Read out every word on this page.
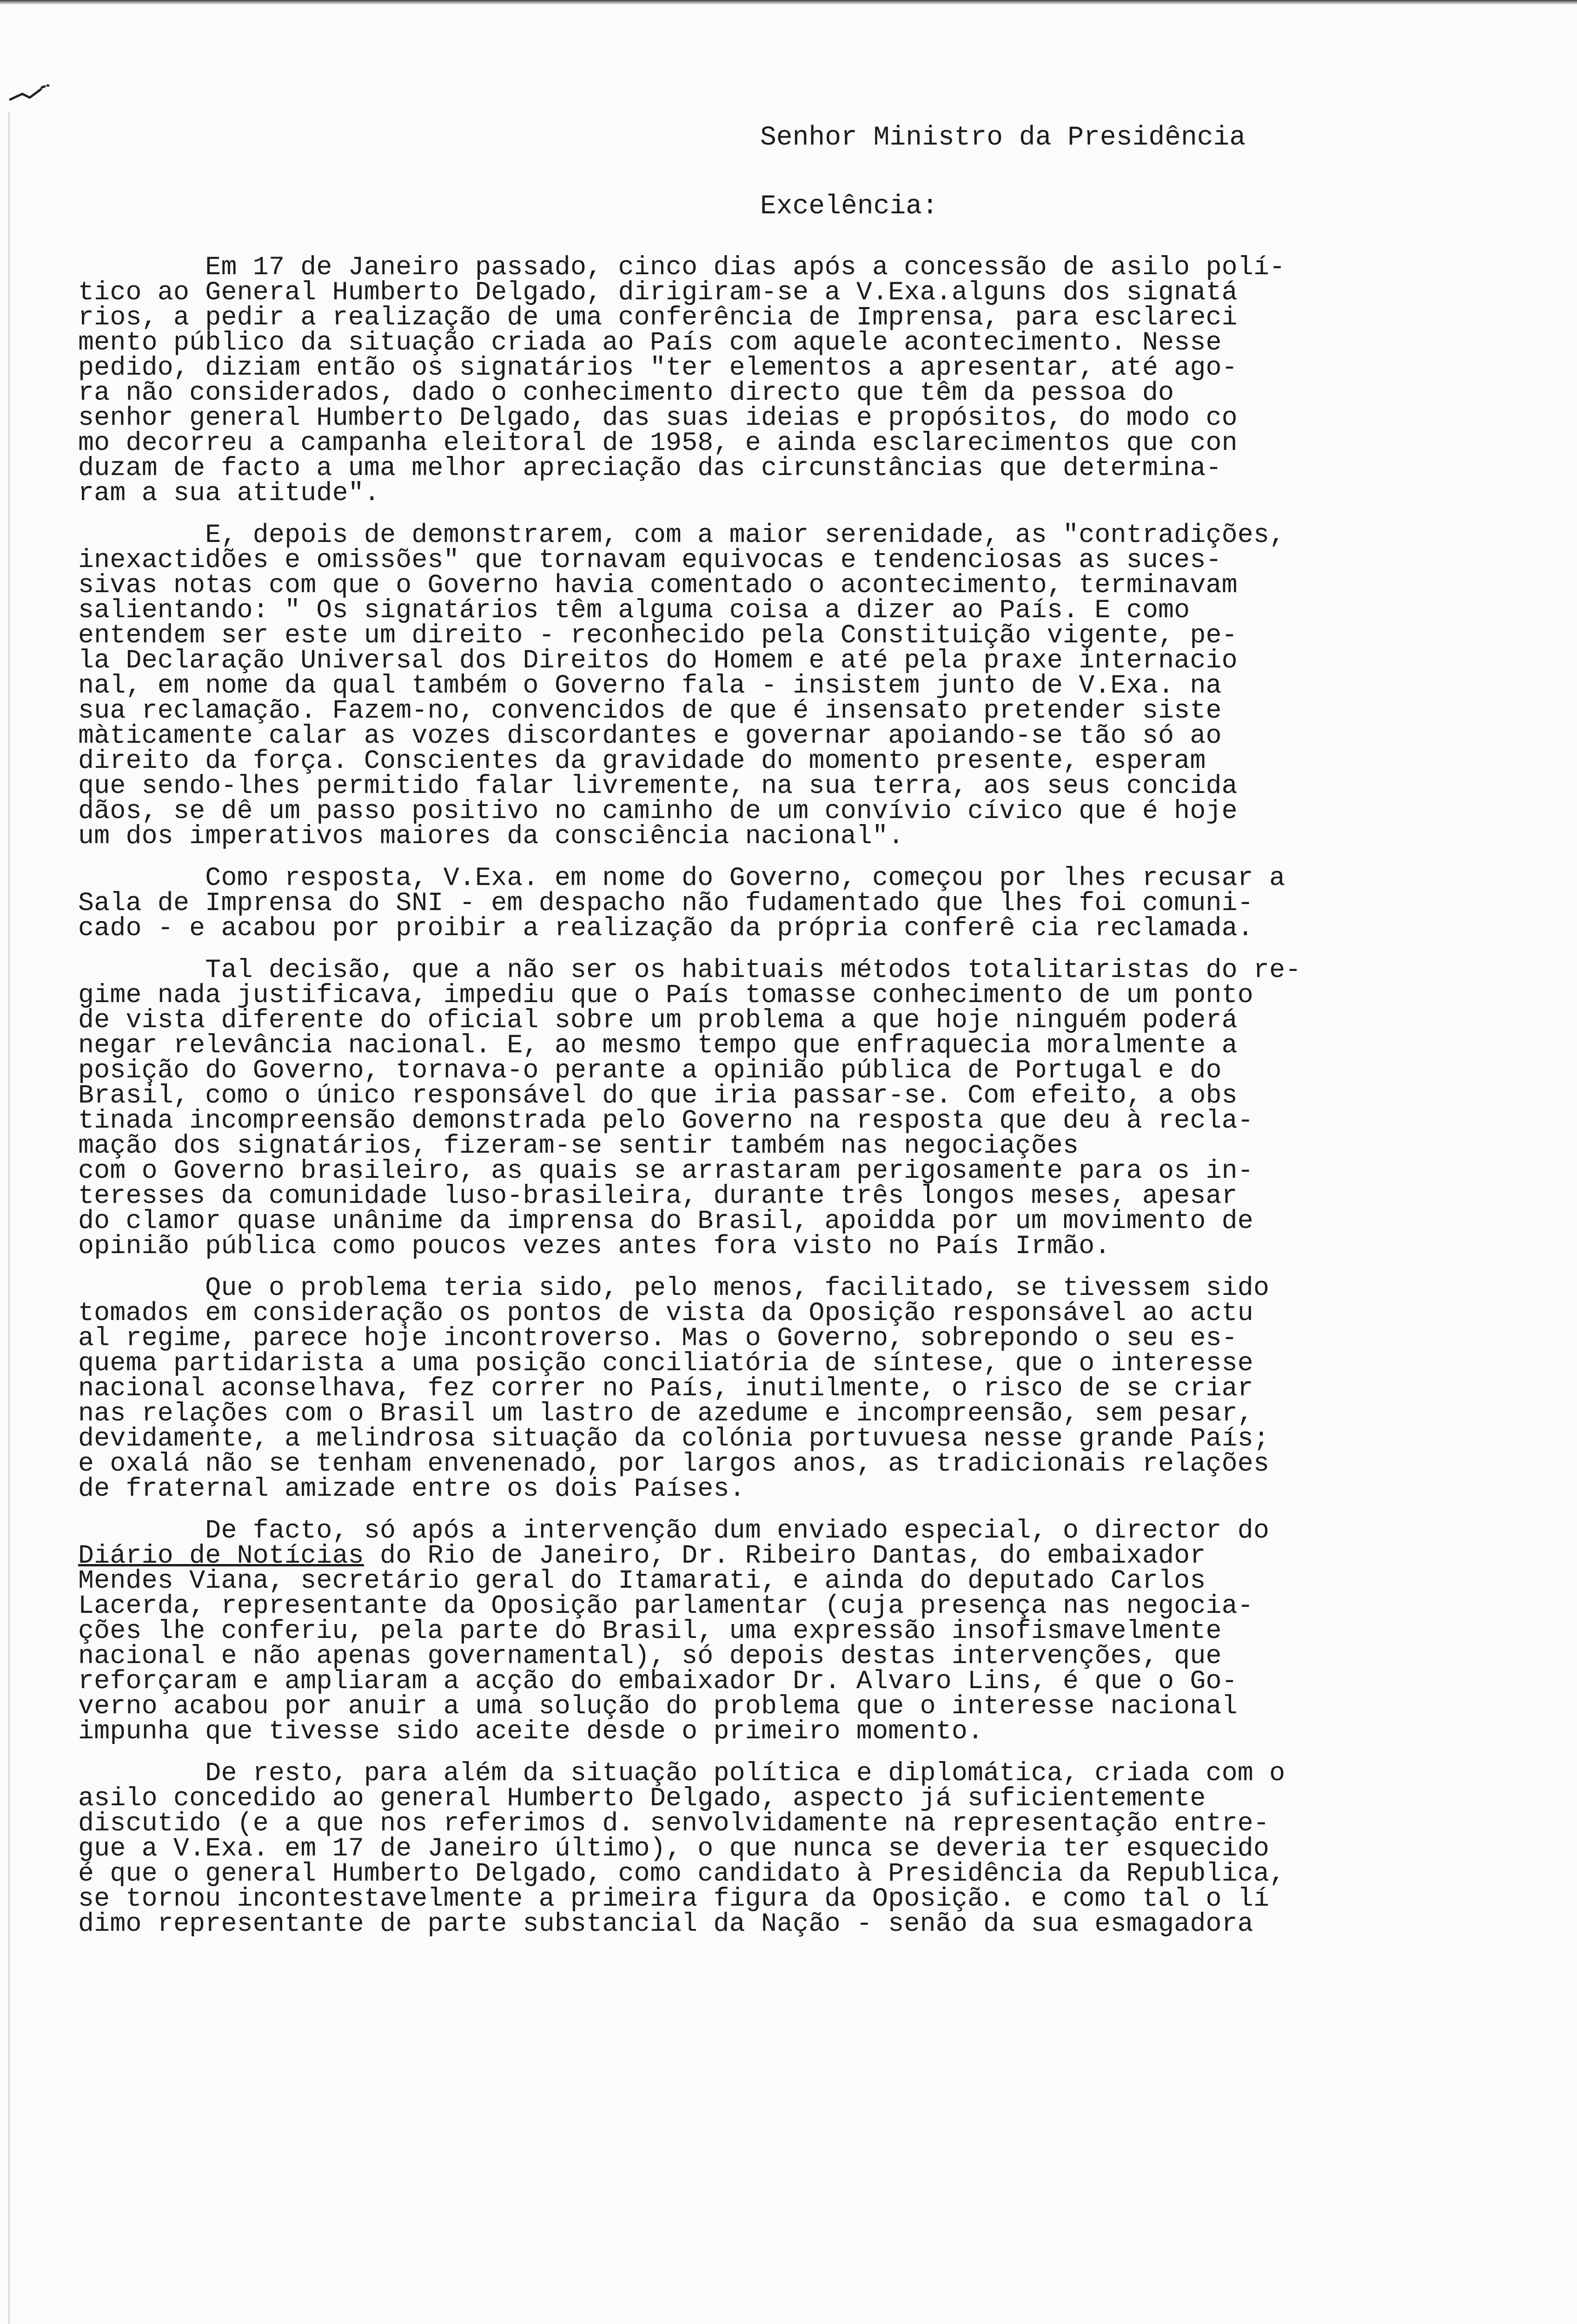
Senhor Ministro da Presidência

Excelência:

Em 17 de Janeiro passado, cinco dias após a concessão de asilo polí-
tico ao General Humberto Delgado, dirigiram-se a V.Exa.alguns dos signatá
rios, a pedir a realização de uma conferência de Imprensa, para esclareci
mento público da situação criada ao País com aquele acontecimento. Nesse
pedido, diziam então os signatários "ter elementos a apresentar, até ago-
ra não considerados, dado o conhecimento directo que têm da pessoa do
senhor general Humberto Delgado, das suas ideias e propósitos, do modo co
mo decorreu a campanha eleitoral de 1958, e ainda esclarecimentos que con
duzam de facto a uma melhor apreciação das circunstâncias que determina-
ram a sua atitude".
E, depois de demonstrarem, com a maior serenidade, as "contradições,
inexactidões e omissões" que tornavam equivocas e tendenciosas as suces-
sivas notas com que o Governo havia comentado o acontecimento, terminavam
salientando: " Os signatários têm alguma coisa a dizer ao País. E como
entendem ser este um direito - reconhecido pela Constituição vigente, pe-
la Declaração Universal dos Direitos do Homem e até pela praxe internacio
nal, em nome da qual também o Governo fala - insistem junto de V.Exa. na
sua reclamação. Fazem-no, convencidos de que é insensato pretender siste
màticamente calar as vozes discordantes e governar apoiando-se tão só ao
direito da força. Conscientes da gravidade do momento presente, esperam
que sendo-lhes permitido falar livremente, na sua terra, aos seus concida
dãos, se dê um passo positivo no caminho de um convívio cívico que é hoje
um dos imperativos maiores da consciência nacional".
Como resposta, V.Exa. em nome do Governo, começou por lhes recusar a
Sala de Imprensa do SNI - em despacho não fudamentado que lhes foi comuni-
cado - e acabou por proibir a realização da própria conferê cia reclamada.
Tal decisão, que a não ser os habituais métodos totalitaristas do re-
gime nada justificava, impediu que o País tomasse conhecimento de um ponto
de vista diferente do oficial sobre um problema a que hoje ninguém poderá
negar relevância nacional. E, ao mesmo tempo que enfraquecia moralmente a
posição do Governo, tornava-o perante a opinião pública de Portugal e do
Brasil, como o único responsável do que iria passar-se. Com efeito, a obs
tinada incompreensão demonstrada pelo Governo na resposta que deu à recla-
mação dos signatários, fizeram-se sentir também nas negociações
com o Governo brasileiro, as quais se arrastaram perigosamente para os in-
teresses da comunidade luso-brasileira, durante três longos meses, apesar
do clamor quase unânime da imprensa do Brasil, apoidda por um movimento de
opinião pública como poucos vezes antes fora visto no País Irmão.
Que o problema teria sido, pelo menos, facilitado, se tivessem sido
tomados em consideração os pontos de vista da Oposição responsável ao actu
al regime, parece hoje incontroverso. Mas o Governo, sobrepondo o seu es-
quema partidarista a uma posição conciliatória de síntese, que o interesse
nacional aconselhava, fez correr no País, inutilmente, o risco de se criar
nas relações com o Brasil um lastro de azedume e incompreensão, sem pesar,
devidamente, a melindrosa situação da colónia portuvuesa nesse grande País;
e oxalá não se tenham envenenado, por largos anos, as tradicionais relações
de fraternal amizade entre os dois Países.
De facto, só após a intervenção dum enviado especial, o director do
Diário de Notícias do Rio de Janeiro, Dr. Ribeiro Dantas, do embaixador
Mendes Viana, secretário geral do Itamarati, e ainda do deputado Carlos
Lacerda, representante da Oposição parlamentar (cuja presença nas negocia-
ções lhe conferiu, pela parte do Brasil, uma expressão insofismavelmente
nacional e não apenas governamental), só depois destas intervenções, que
reforçaram e ampliaram a acção do embaixador Dr. Alvaro Lins, é que o Go-
verno acabou por anuir a uma solução do problema que o interesse nacional
impunha que tivesse sido aceite desde o primeiro momento.
De resto, para além da situação política e diplomática, criada com o
asilo concedido ao general Humberto Delgado, aspecto já suficientemente
discutido (e a que nos referimos d. senvolvidamente na representação entre-
gue a V.Exa. em 17 de Janeiro último), o que nunca se deveria ter esquecido
é que o general Humberto Delgado, como candidato à Presidência da Republica,
se tornou incontestavelmente a primeira figura da Oposição. e como tal o lí
dimo representante de parte substancial da Nação - senão da sua esmagadora
